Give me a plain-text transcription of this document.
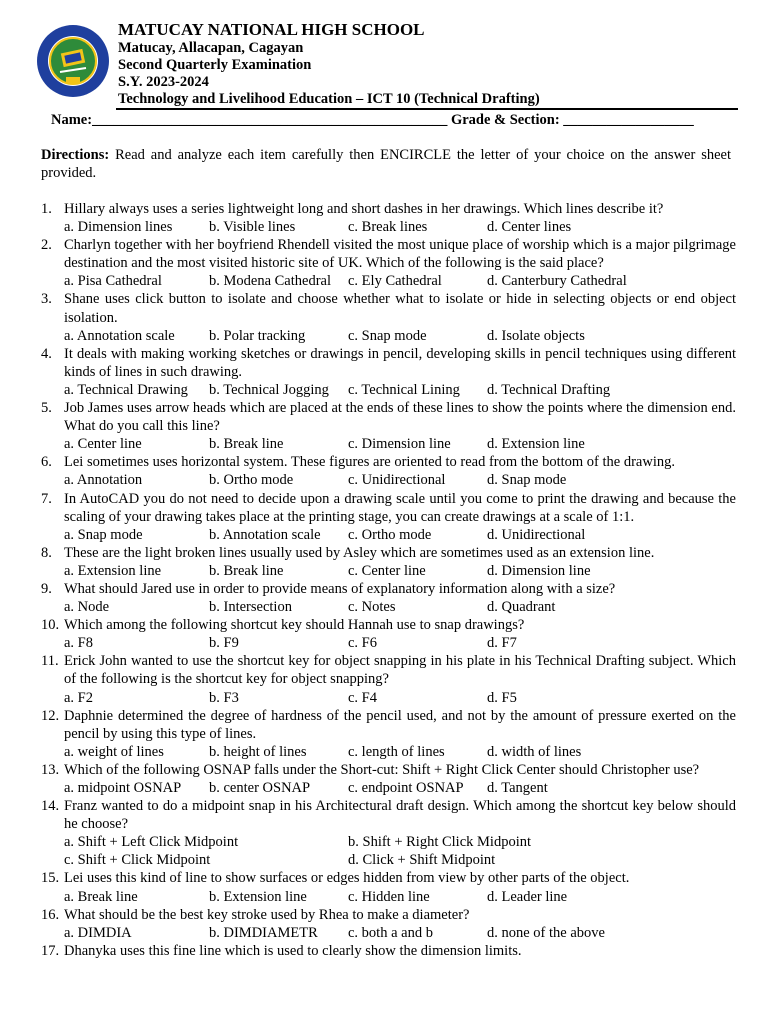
MATUCAY NATIONAL HIGH SCHOOL
Matucay, Allacapan, Cagayan
Second Quarterly Examination
S.Y. 2023-2024
Technology and Livelihood Education – ICT 10 (Technical Drafting)
Name:_________________________________________________ Grade & Section: __________________
Directions: Read and analyze each item carefully then ENCIRCLE the letter of your choice on the answer sheet provided.
1. Hillary always uses a series lightweight long and short dashes in her drawings. Which lines describe it?
a. Dimension lines	b. Visible lines	c. Break lines	d. Center lines
2. Charlyn together with her boyfriend Rhendell visited the most unique place of worship which is a major pilgrimage destination and the most visited historic site of UK. Which of the following is the said place?
a. Pisa Cathedral	b. Modena Cathedral	c. Ely Cathedral	d. Canterbury Cathedral
3. Shane uses click button to isolate and choose whether what to isolate or hide in selecting objects or end object isolation.
a. Annotation scale	b. Polar tracking	c. Snap mode	d. Isolate objects
4. It deals with making working sketches or drawings in pencil, developing skills in pencil techniques using different kinds of lines in such drawing.
a. Technical Drawing	b. Technical Jogging	c. Technical Lining	d. Technical Drafting
5. Job James uses arrow heads which are placed at the ends of these lines to show the points where the dimension end. What do you call this line?
a. Center line	b. Break line	c. Dimension line	d. Extension line
6. Lei sometimes uses horizontal system. These figures are oriented to read from the bottom of the drawing.
a. Annotation	b. Ortho mode	c. Unidirectional	d. Snap mode
7. In AutoCAD you do not need to decide upon a drawing scale until you come to print the drawing and because the scaling of your drawing takes place at the printing stage, you can create drawings at a scale of 1:1.
a. Snap mode	b. Annotation scale	c. Ortho mode	d. Unidirectional
8. These are the light broken lines usually used by Asley which are sometimes used as an extension line.
a. Extension line	b. Break line	c. Center line	d. Dimension line
9. What should Jared use in order to provide means of explanatory information along with a size?
a. Node	b. Intersection	c. Notes	d. Quadrant
10. Which among the following shortcut key should Hannah use to snap drawings?
a. F8	b. F9	c. F6	d. F7
11. Erick John wanted to use the shortcut key for object snapping in his plate in his Technical Drafting subject. Which of the following is the shortcut key for object snapping?
a. F2	b. F3	c. F4	d. F5
12. Daphnie determined the degree of hardness of the pencil used, and not by the amount of pressure exerted on the pencil by using this type of lines.
a. weight of lines	b. height of lines	c. length of lines	d. width of lines
13. Which of the following OSNAP falls under the Short-cut: Shift + Right Click Center should Christopher use?
a. midpoint OSNAP	b. center OSNAP	c. endpoint OSNAP	d. Tangent
14. Franz wanted to do a midpoint snap in his Architectural draft design. Which among the shortcut key below should he choose?
a. Shift + Left Click Midpoint	b. Shift + Right Click Midpoint
c. Shift + Click Midpoint	d. Click + Shift Midpoint
15. Lei uses this kind of line to show surfaces or edges hidden from view by other parts of the object.
a. Break line	b. Extension line	c. Hidden line	d. Leader line
16. What should be the best key stroke used by Rhea to make a diameter?
a. DIMDIA	b. DIMDIAMETR	c. both a and b	d. none of the above
17. Dhanyka uses this fine line which is used to clearly show the dimension limits.
